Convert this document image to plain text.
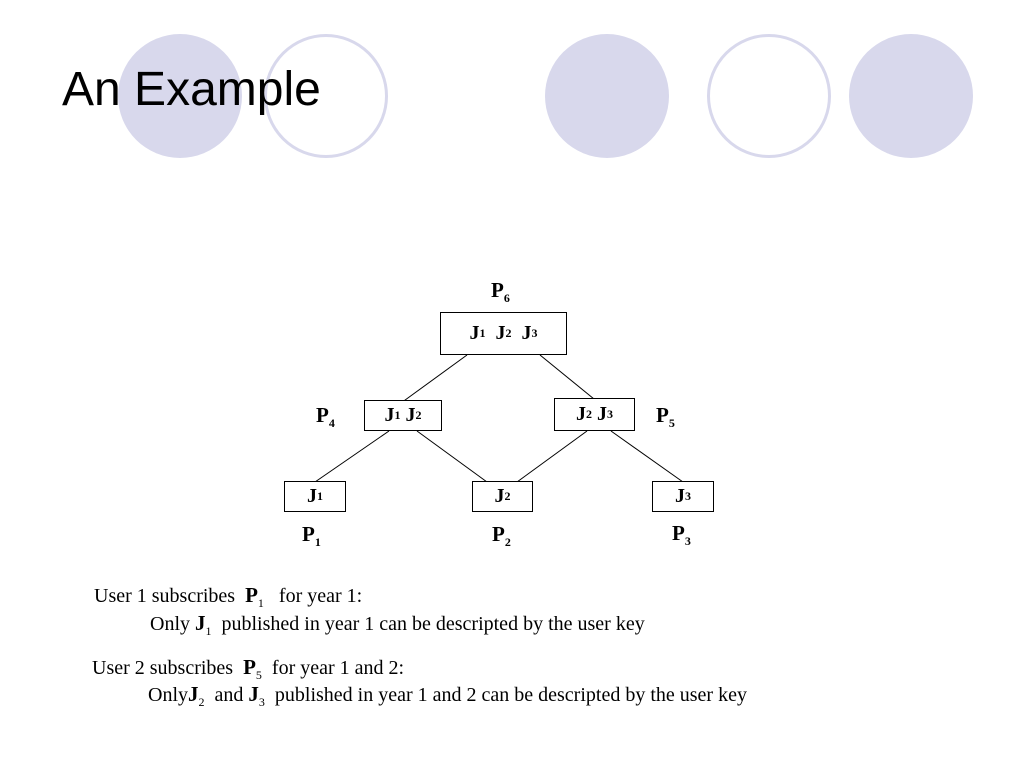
An Example
J 1
J 2
J 3
J 1
J 2	J 2
J 3
J 1	J 2	J 3
$P_6$
$P_4$	$P_5$
$P_1$	$P_2$	$P_3$
User 1 subscribes $P_1$ for year 1:
Only $J_1$ published in year 1 can be descripted by the user key
User 2 subscribes $P_5$ for year 1 and 2:
OnlyJ$_2$ and $J_3$ published in year 1 and 2 can be descripted by the user key
